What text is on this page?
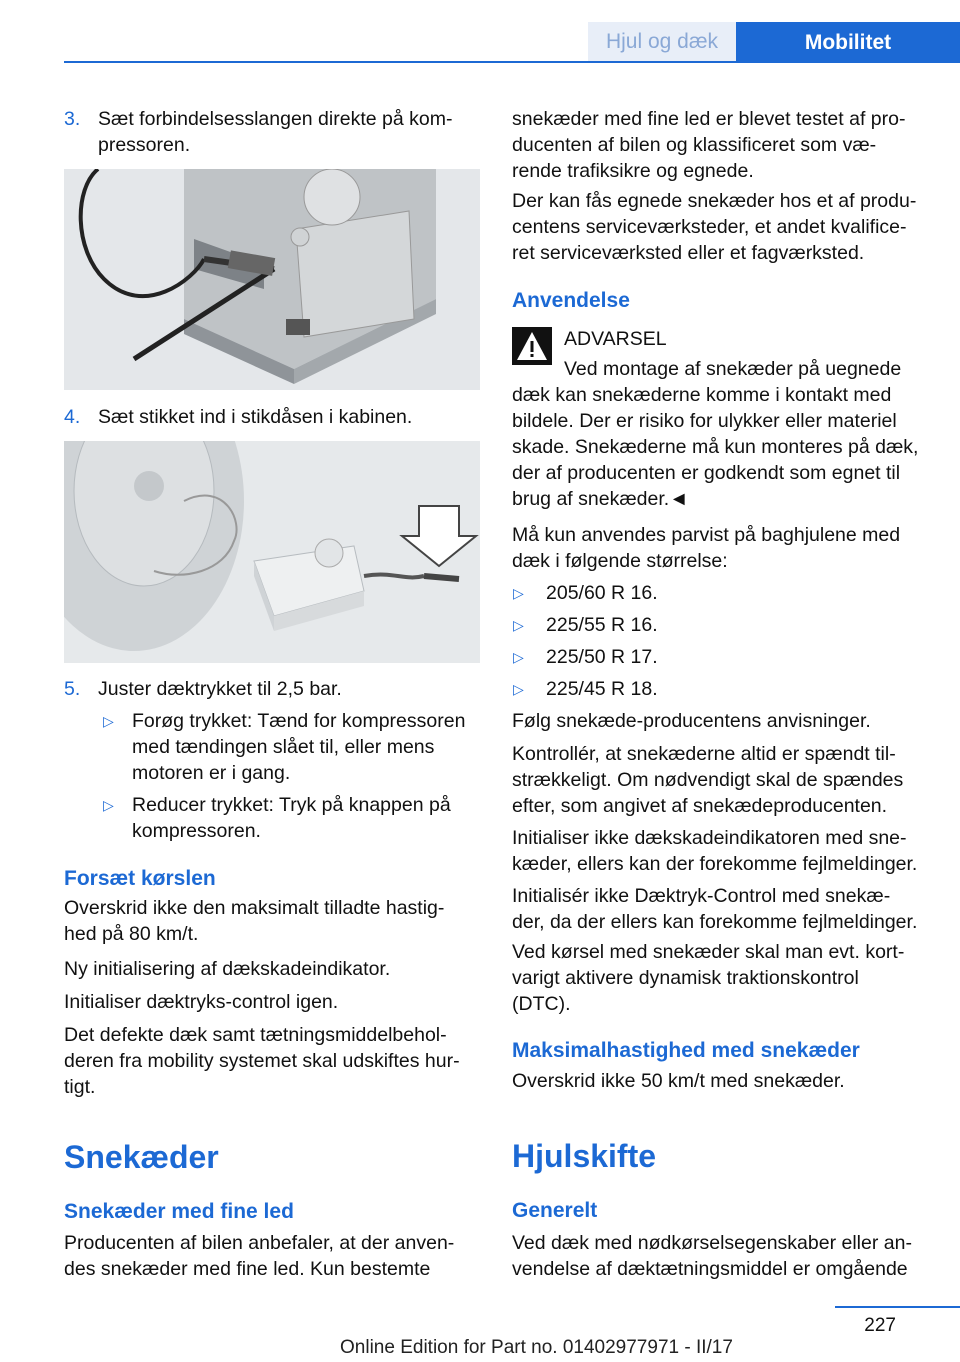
Hjul og dæk	Mobilitet
3. Sæt forbindelsesslangen direkte på kom-
pressoren.
4. Sæt stikket ind i stikdåsen i kabinen.
5. Juster dæktrykket til 2,5 bar.
▷ Forøg trykket: Tænd for kompressoren
med tændingen slået til, eller mens
motoren er i gang.
▷ Reducer trykket: Tryk på knappen på
kompressoren.
Forsæt kørslen
Overskrid ikke den maksimalt tilladte hastig-
hed på 80 km/t.
Ny initialisering af dækskadeindikator.
Initialiser dæktryks-control igen.
Det defekte dæk samt tætningsmiddelbehol-
deren fra mobility systemet skal udskiftes hur-
tigt.
Snekæder
Snekæder med fine led
Producenten af bilen anbefaler, at der anven-
des snekæder med fine led. Kun bestemte
snekæder med fine led er blevet testet af pro-
ducenten af bilen og klassificeret som væ-
rende trafiksikre og egnede.
Der kan fås egnede snekæder hos et af produ-
centens serviceværksteder, et andet kvalifice-
ret serviceværksted eller et fagværksted.
Anvendelse
ADVARSEL
Ved montage af snekæder på uegnede
dæk kan snekæderne komme i kontakt med
bildele. Der er risiko for ulykker eller materiel
skade. Snekæderne må kun monteres på dæk,
der af producenten er godkendt som egnet til
brug af snekæder.◄
Må kun anvendes parvist på baghjulene med
dæk i følgende størrelse:
▷ 205/60 R 16.
▷ 225/55 R 16.
▷ 225/50 R 17.
▷ 225/45 R 18.
Følg snekæde-producentens anvisninger.
Kontrollér, at snekæderne altid er spændt til-
strækkeligt. Om nødvendigt skal de spændes
efter, som angivet af snekædeproducenten.
Initialiser ikke dækskadeindikatoren med sne-
kæder, ellers kan der forekomme fejlmeldinger.
Initialisér ikke Dæktryk-Control med snekæ-
der, da der ellers kan forekomme fejlmeldinger.
Ved kørsel med snekæder skal man evt. kort-
varigt aktivere dynamisk traktionskontrol
(DTC).
Maksimalhastighed med snekæder
Overskrid ikke 50 km/t med snekæder.
Hjulskifte
Generelt
Ved dæk med nødkørselsegenskaber eller an-
vendelse af dæktætningsmiddel er omgående
227
Online Edition for Part no. 01402977971 - II/17
